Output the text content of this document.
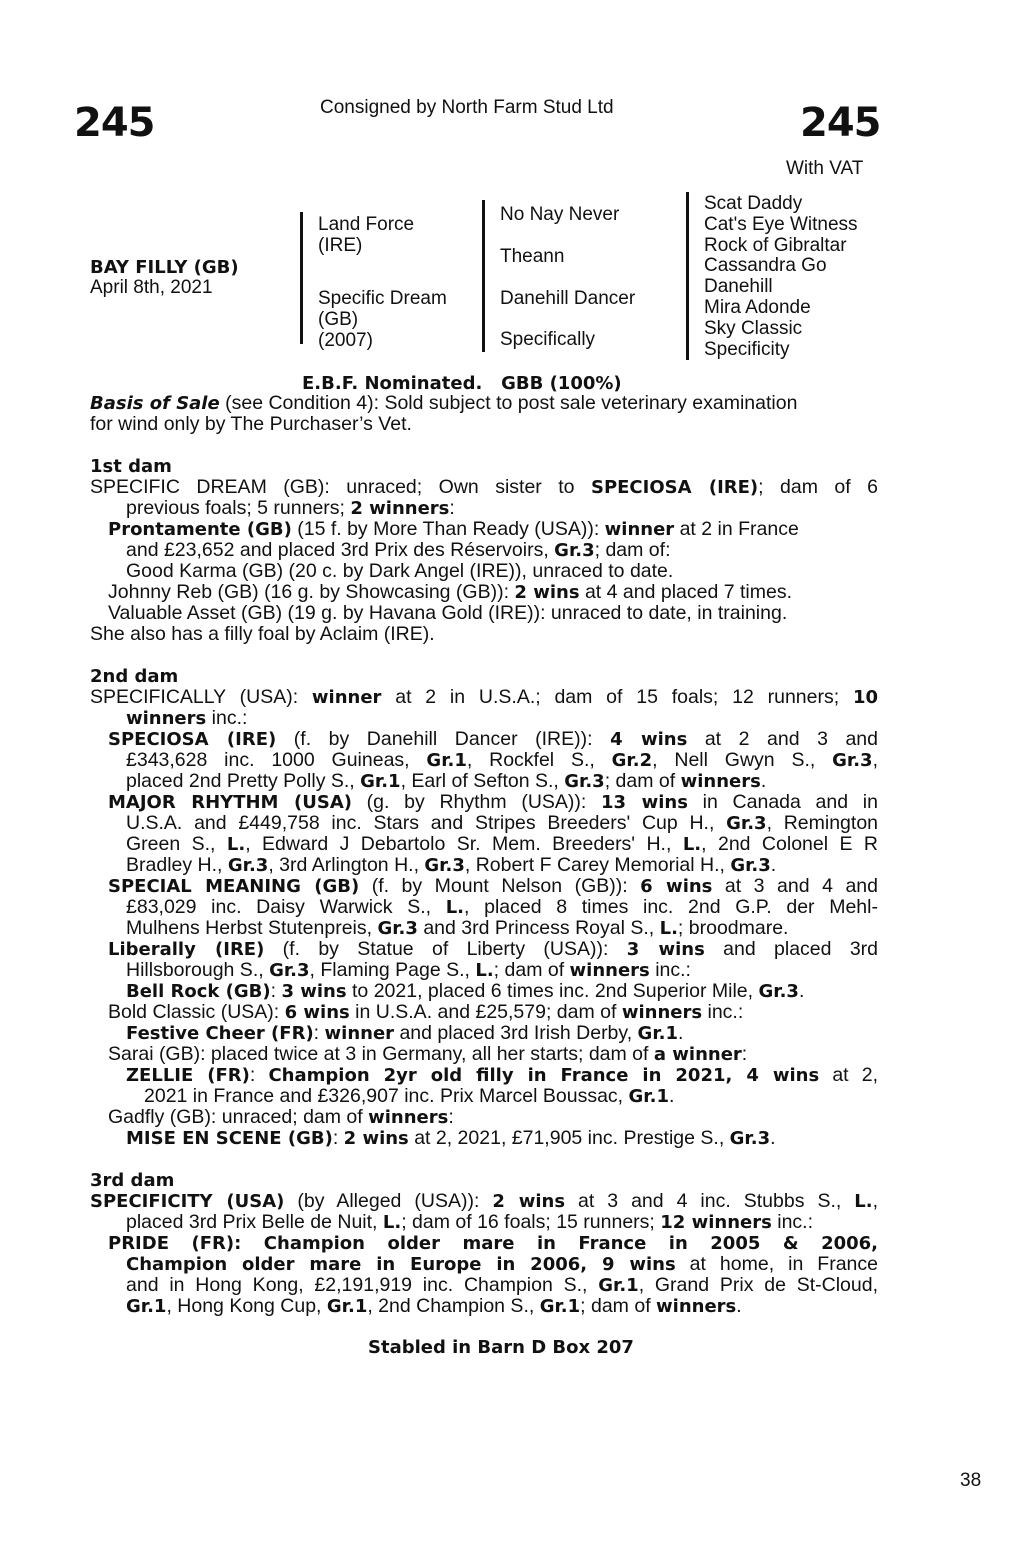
245	Consigned by North Farm Stud Ltd	245
With VAT
BAY FILLY (GB)
April 8th, 2021
Land Force
(IRE)
Specific Dream
(GB)
(2007)
No Nay Never
Theann
Danehill Dancer
Specifically
Scat Daddy
Cat's Eye Witness
Rock of Gibraltar
Cassandra Go
Danehill
Mira Adonde
Sky Classic
Specificity
E.B.F. Nominated.   GBB (100%)
Basis of Sale (see Condition 4): Sold subject to post sale veterinary examination
for wind only by The Purchaser’s Vet.
1st dam
SPECIFIC DREAM (GB): unraced; Own sister to SPECIOSA (IRE); dam of 6
previous foals; 5 runners; 2 winners:
Prontamente (GB) (15 f. by More Than Ready (USA)): winner at 2 in France
and £23,652 and placed 3rd Prix des Réservoirs, Gr.3; dam of:
Good Karma (GB) (20 c. by Dark Angel (IRE)), unraced to date.
Johnny Reb (GB) (16 g. by Showcasing (GB)): 2 wins at 4 and placed 7 times.
Valuable Asset (GB) (19 g. by Havana Gold (IRE)): unraced to date, in training.
She also has a filly foal by Aclaim (IRE).
2nd dam
SPECIFICALLY (USA): winner at 2 in U.S.A.; dam of 15 foals; 12 runners; 10
winners inc.:
SPECIOSA (IRE) (f. by Danehill Dancer (IRE)): 4 wins at 2 and 3 and
£343,628 inc. 1000 Guineas, Gr.1, Rockfel S., Gr.2, Nell Gwyn S., Gr.3,
placed 2nd Pretty Polly S., Gr.1, Earl of Sefton S., Gr.3; dam of winners.
MAJOR RHYTHM (USA) (g. by Rhythm (USA)): 13 wins in Canada and in
U.S.A. and £449,758 inc. Stars and Stripes Breeders' Cup H., Gr.3, Remington
Green S., L., Edward J Debartolo Sr. Mem. Breeders' H., L., 2nd Colonel E R
Bradley H., Gr.3, 3rd Arlington H., Gr.3, Robert F Carey Memorial H., Gr.3.
SPECIAL MEANING (GB) (f. by Mount Nelson (GB)): 6 wins at 3 and 4 and
£83,029 inc. Daisy Warwick S., L., placed 8 times inc. 2nd G.P. der Mehl-
Mulhens Herbst Stutenpreis, Gr.3 and 3rd Princess Royal S., L.; broodmare.
Liberally (IRE) (f. by Statue of Liberty (USA)): 3 wins and placed 3rd
Hillsborough S., Gr.3, Flaming Page S., L.; dam of winners inc.:
Bell Rock (GB): 3 wins to 2021, placed 6 times inc. 2nd Superior Mile, Gr.3.
Bold Classic (USA): 6 wins in U.S.A. and £25,579; dam of winners inc.:
Festive Cheer (FR): winner and placed 3rd Irish Derby, Gr.1.
Sarai (GB): placed twice at 3 in Germany, all her starts; dam of a winner:
ZELLIE (FR): Champion 2yr old filly in France in 2021, 4 wins at 2,
2021 in France and £326,907 inc. Prix Marcel Boussac, Gr.1.
Gadfly (GB): unraced; dam of winners:
MISE EN SCENE (GB): 2 wins at 2, 2021, £71,905 inc. Prestige S., Gr.3.
3rd dam
SPECIFICITY (USA) (by Alleged (USA)): 2 wins at 3 and 4 inc. Stubbs S., L.,
placed 3rd Prix Belle de Nuit, L.; dam of 16 foals; 15 runners; 12 winners inc.:
PRIDE (FR): Champion older mare in France in 2005 & 2006,
Champion older mare in Europe in 2006, 9 wins at home, in France
and in Hong Kong, £2,191,919 inc. Champion S., Gr.1, Grand Prix de St-Cloud,
Gr.1, Hong Kong Cup, Gr.1, 2nd Champion S., Gr.1; dam of winners.
Stabled in Barn D Box 207
38
